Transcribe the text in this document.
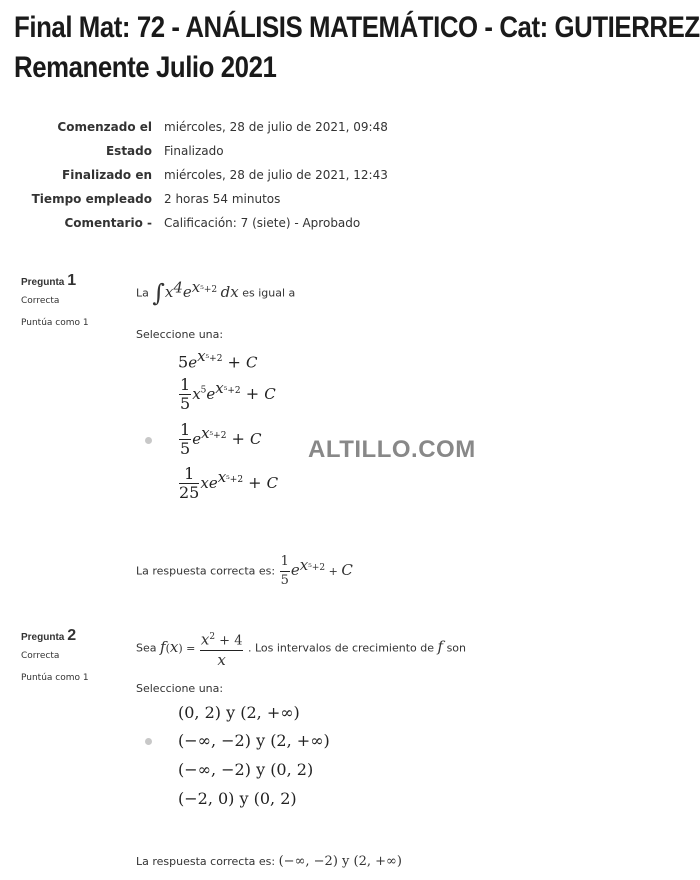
Final Mat: 72 - ANÁLISIS MATEMÁTICO - Cat: GUTIERREZ
Remanente Julio 2021
Comenzado el	miércoles, 28 de julio de 2021, 09:48
Estado	Finalizado
Finalizado en	miércoles, 28 de julio de 2021, 12:43
Tiempo empleado	2 horas 54 minutos
Comentario -	Calificación: 7 (siete) - Aprobado
Pregunta 1
Correcta
Puntúa como 1
La $\int x^4e^{x^5+2}$ dx es igual a
Seleccione una:
$5e^{x^5+2} + C$
$\frac{1}{5} x^5e^{x^5+2} + C$
$\frac{1}{5} e^{x^5+2} + C$
$\frac{1}{25} xe^{x^5+2} + C$
ALTILLO.COM
La respuesta correcta es: $\frac{1}{5} e^{x^5+2} + C$
Pregunta 2
Correcta
Puntúa como 1
Sea $f(x) = \frac{x^2 + 4}{x}$ . Los intervalos de crecimiento de f son
Seleccione una:
(0, 2) y (2, +∞)
(−∞, −2) y (2, +∞)
(−∞, −2) y (0, 2)
(−2, 0) y (0, 2)
La respuesta correcta es: (−∞, −2) y (2, +∞)
